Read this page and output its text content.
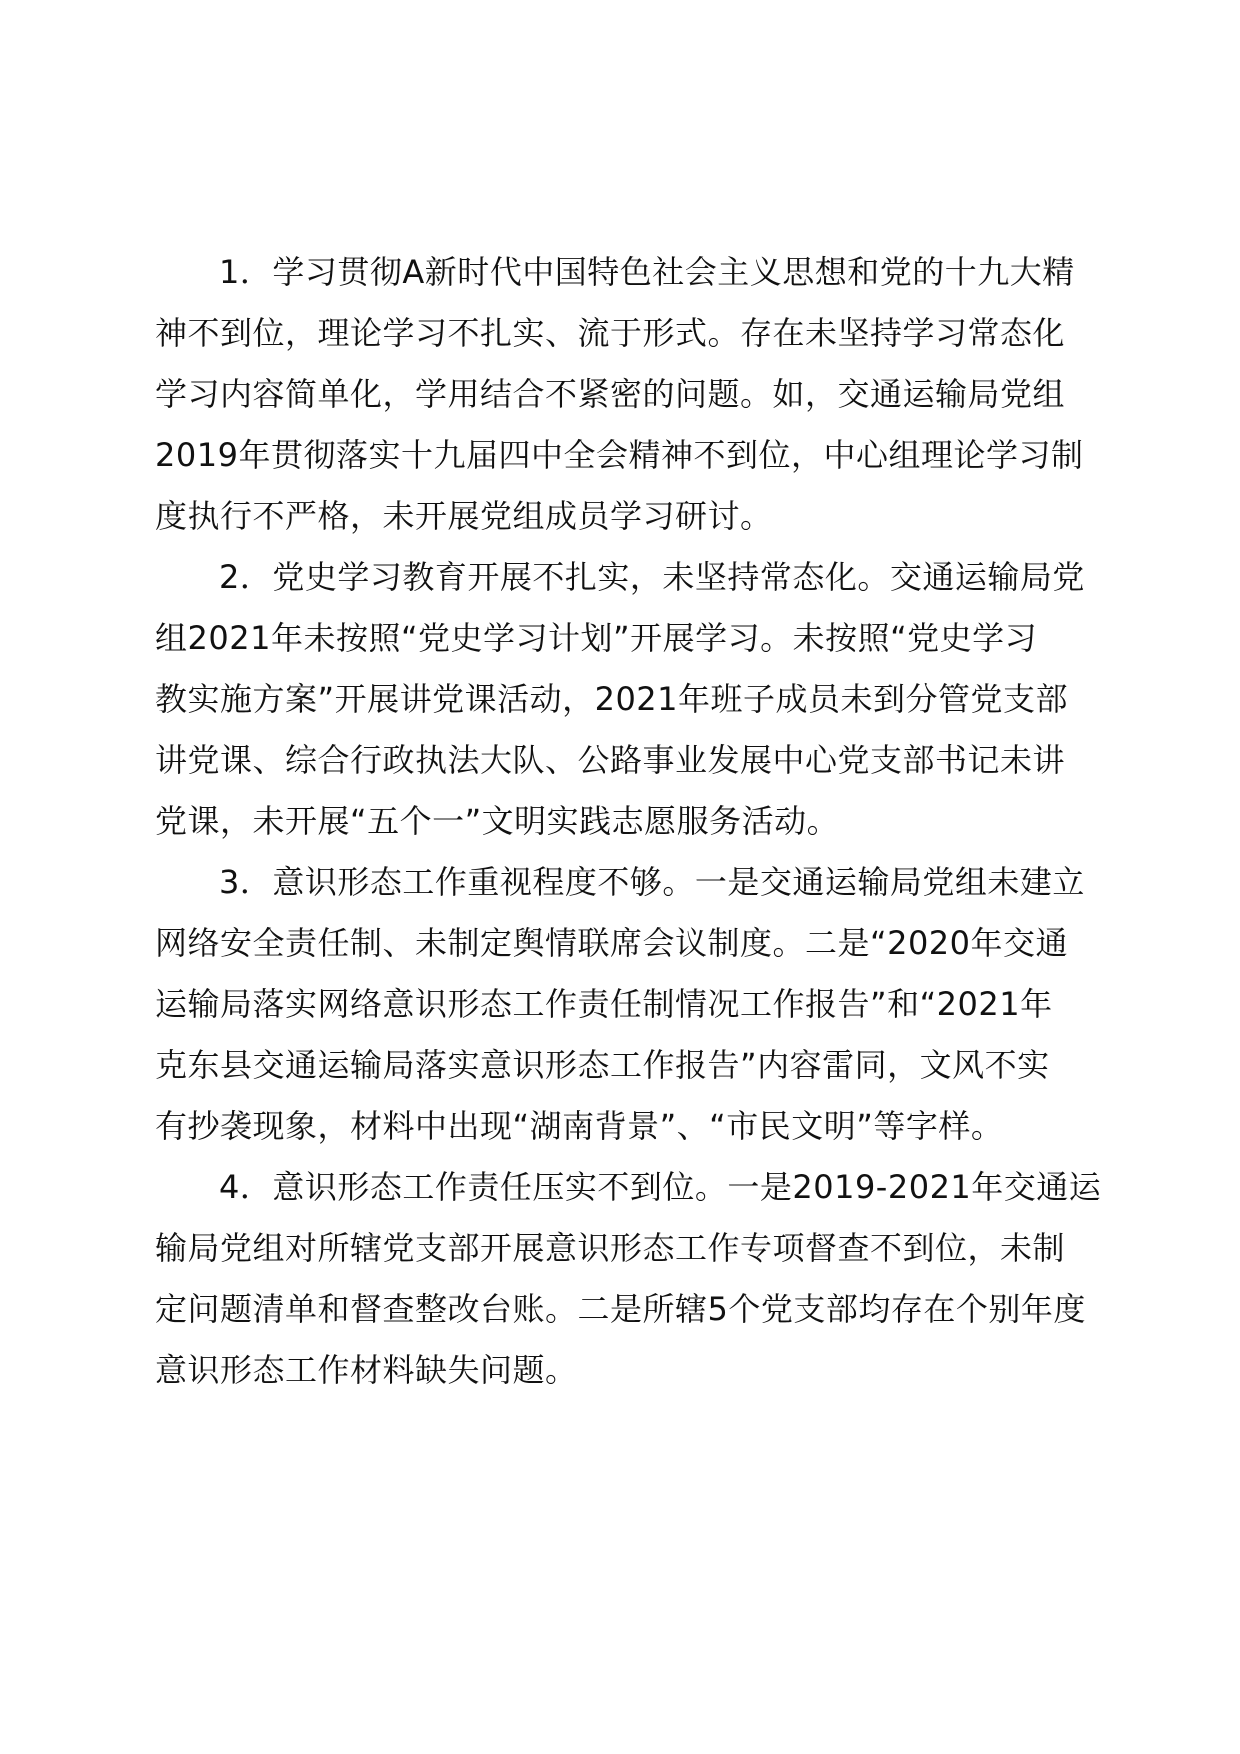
1．学习贯彻A新时代中国特色社会主义思想和党的十九大精
神不到位，理论学习不扎实、流于形式。存在未坚持学习常态化
学习内容简单化，学用结合不紧密的问题。如，交通运输局党组
2019年贯彻落实十九届四中全会精神不到位，中心组理论学习制
度执行不严格，未开展党组成员学习研讨。
2．党史学习教育开展不扎实，未坚持常态化。交通运输局党
组2021年未按照“党史学习计划”开展学习。未按照“党史学习
教实施方案”开展讲党课活动，2021年班子成员未到分管党支部
讲党课、综合行政执法大队、公路事业发展中心党支部书记未讲
党课，未开展“五个一”文明实践志愿服务活动。
3．意识形态工作重视程度不够。一是交通运输局党组未建立
网络安全责任制、未制定舆情联席会议制度。二是“2020年交通
运输局落实网络意识形态工作责任制情况工作报告”和“2021年
克东县交通运输局落实意识形态工作报告”内容雷同，文风不实
有抄袭现象，材料中出现“湖南背景”、“市民文明”等字样。
4．意识形态工作责任压实不到位。一是2019-2021年交通运
输局党组对所辖党支部开展意识形态工作专项督查不到位，未制
定问题清单和督查整改台账。二是所辖5个党支部均存在个别年度
意识形态工作材料缺失问题。
